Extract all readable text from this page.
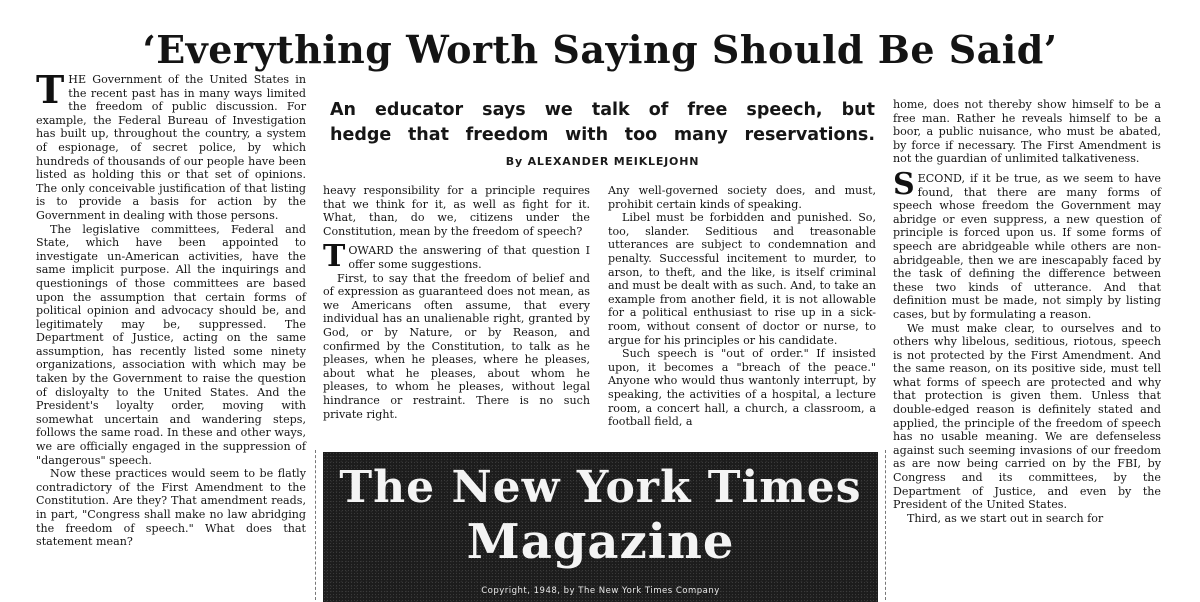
‘Everything Worth Saying Should Be Said’
An educator says we talk of free speech, but
hedge that freedom with too many reservations.
By ALEXANDER MEIKLEJOHN

THE Government of the United States in the recent past has in many ways limited the freedom of public discussion. For example, the Federal Bureau of Investigation has built up, throughout the country, a system of espionage, of secret police, by which hundreds of thousands of our people have been listed as holding this or that set of opinions. The only conceivable justification of that listing is to provide a basis for action by the Government in dealing with those persons.

The legislative committees, Federal and State, which have been appointed to investigate un-American activities, have the same implicit purpose. All the inquirings and questionings of those committees are based upon the assumption that certain forms of political opinion and advocacy should be, and legitimately may be, suppressed. The Department of Justice, acting on the same assumption, has recently listed some ninety organizations, association with which may be taken by the Government to raise the question of disloyalty to the United States. And the President's loyalty order, moving with somewhat uncertain and wandering steps, follows the same road. In these and other ways, we are officially engaged in the suppression of "dangerous" speech.

Now these practices would seem to be flatly contradictory of the First Amendment to the Constitution. Are they? That amendment reads, in part, "Congress shall make no law abridging the freedom of speech." What does that statement mean?

heavy responsibility for a principle requires that we think for it, as well as fight for it. What, than, do we, citizens under the Constitution, mean by the freedom of speech?

TOWARD the answering of that question I offer some suggestions.

First, to say that the freedom of belief and of expression as guaranteed does not mean, as we Americans often assume, that every individual has an unalienable right, granted by God, or by Nature, or by Reason, and confirmed by the Constitution, to talk as he pleases, when he pleases, where he pleases, about what he pleases, about whom he pleases, to whom he pleases, without legal hindrance or restraint. There is no such private right.

Any well-governed society does, and must, prohibit certain kinds of speaking.

Libel must be forbidden and punished. So, too, slander. Seditious and treasonable utterances are subject to condemnation and penalty. Successful incitement to murder, to arson, to theft, and the like, is itself criminal and must be dealt with as such. And, to take an example from another field, it is not allowable for a political enthusiast to rise up in a sick-room, without consent of doctor or nurse, to argue for his principles or his candidate.

Such speech is "out of order." If insisted upon, it becomes a "breach of the peace." Anyone who would thus wantonly interrupt, by speaking, the activities of a hospital, a lecture room, a concert hall, a church, a classroom, a football field, a

home, does not thereby show himself to be a free man. Rather he reveals himself to be a boor, a public nuisance, who must be abated, by force if necessary. The First Amendment is not the guardian of unlimited talkativeness.

SECOND, if it be true, as we seem to have found, that there are many forms of speech whose freedom the Government may abridge or even suppress, a new question of principle is forced upon us. If some forms of speech are abridgeable while others are non-abridgeable, then we are inescapably faced by the task of defining the difference between these two kinds of utterance. And that definition must be made, not simply by listing cases, but by formulating a reason.

We must make clear, to ourselves and to others why libelous, seditious, riotous, speech is not protected by the First Amendment. And the same reason, on its positive side, must tell what forms of speech are protected and why that protection is given them. Unless that double-edged reason is definitely stated and applied, the principle of the freedom of speech has no usable meaning. We are defenseless against such seeming invasions of our freedom as are now being carried on by the FBI, by Congress and its committees, by the Department of Justice, and even by the President of the United States.

Third, as we start out in search for

The New York Times
Magazine
Copyright, 1948, by The New York Times Company
